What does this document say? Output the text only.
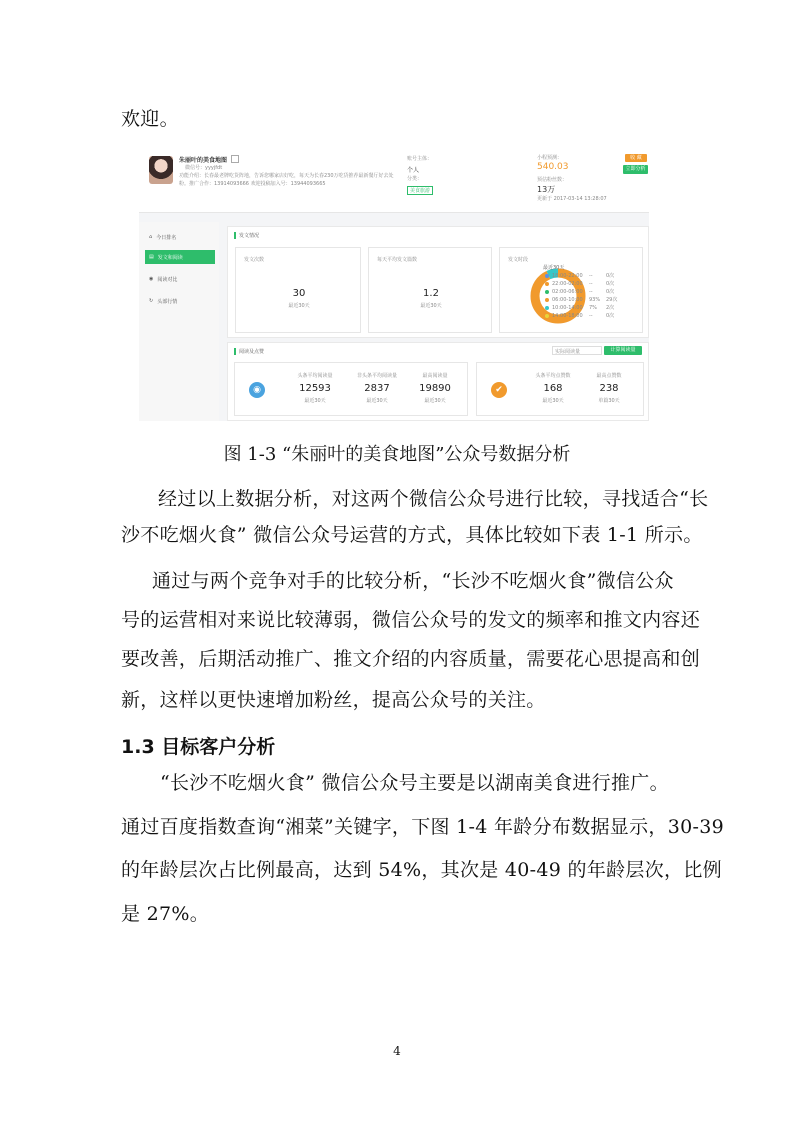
欢迎。
朱丽叶的美食地图
微信号：yyyjfdt
功能介绍：长春最老牌吃货阵地，告诉您哪家店好吃，每天为长春230万吃货推荐最新餐厅好去处
粉。推广合作：13914093666 欢迎投稿加入号：13944093665
账号主体：
个人
分类：
美食旅游
小程预测：
540.03
预估粉丝数：
13万
更新于 2017-03-14 13:28:07
收 藏
立即分析
⌂ 今日排名
▤ 发文和阅读
◉ 阅读对比
↻ 头部行情
发文情况
发文次数
30
最近30天
每天平均发文篇数
1.2
最近30天
发文时段
最近30天
阅读及点赞	实际阅读量	计算阅读量
◉
头条平均阅读量
12593
最近30天
非头条平均阅读量
2837
最近30天
最高阅读量
19890
最近30天
✔
头条平均点赞数
168
最近30天
最高点赞数
238
单篇30天
18:00-22:00	--	0次
22:00-02:00	--	0次
02:00-06:00	--	0次
06:00-10:00	93%	29次
10:00-14:00	7%	2次
14:00-18:00	--	0次
图 1-3 “朱丽叶的美食地图”公众号数据分析
经过以上数据分析，对这两个微信公众号进行比较，寻找适合“长
沙不吃烟火食” 微信公众号运营的方式，具体比较如下表 1-1 所示。
通过与两个竞争对手的比较分析，“长沙不吃烟火食”微信公众
号的运营相对来说比较薄弱，微信公众号的发文的频率和推文内容还
要改善，后期活动推广、推文介绍的内容质量，需要花心思提高和创
新，这样以更快速增加粉丝，提高公众号的关注。
1.3 目标客户分析
“长沙不吃烟火食” 微信公众号主要是以湖南美食进行推广。
通过百度指数查询“湘菜”关键字，下图 1-4 年龄分布数据显示，30-39
的年龄层次占比例最高，达到 54%，其次是 40-49 的年龄层次，比例
是 27%。
4
